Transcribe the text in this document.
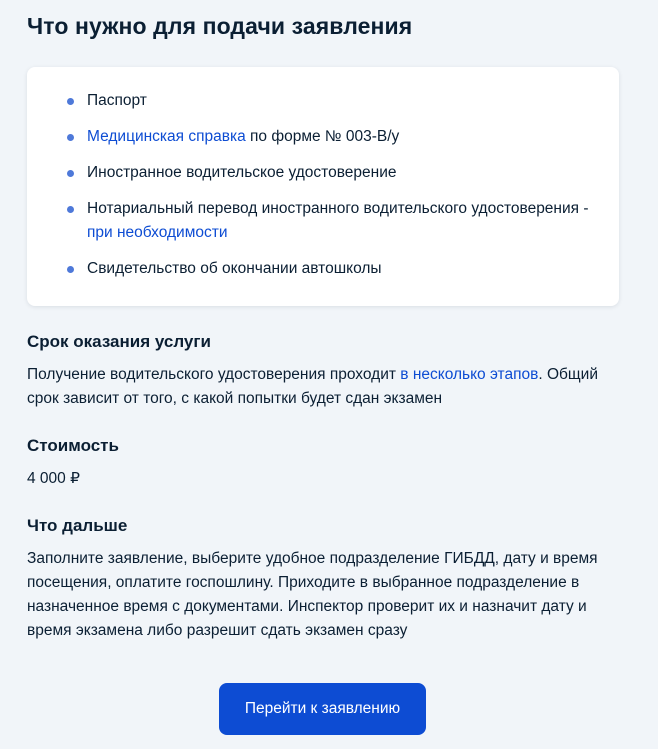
Что нужно для подачи заявления
Паспорт
Медицинская справка по форме № 003-В/у
Иностранное водительское удостоверение
Нотариальный перевод иностранного водительского удостоверения - при необходимости
Свидетельство об окончании автошколы
Срок оказания услуги

Получение водительского удостоверения проходит в несколько этапов. Общий срок зависит от того, с какой попытки будет сдан экзамен

Стоимость

4 000 ₽

Что дальше

Заполните заявление, выберите удобное подразделение ГИБДД, дату и время посещения, оплатите госпошлину. Приходите в выбранное подразделение в назначенное время с документами. Инспектор проверит их и назначит дату и время экзамена либо разрешит сдать экзамен сразу

Перейти к заявлению
